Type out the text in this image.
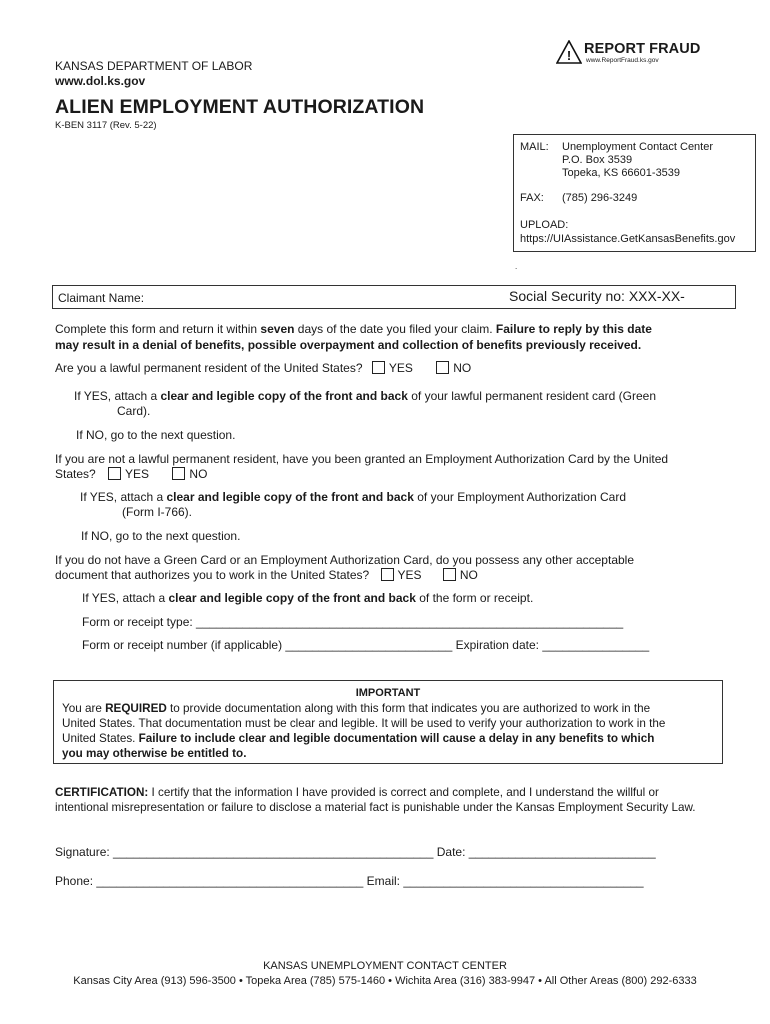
! REPORT FRAUD
www.ReportFraud.ks.gov
KANSAS DEPARTMENT OF LABOR
www.dol.ks.gov
ALIEN EMPLOYMENT AUTHORIZATION
K-BEN 3117 (Rev. 5-22)
MAIL: Unemployment Contact Center
P.O. Box 3539
Topeka, KS 66601-3539
FAX: (785) 296-3249
UPLOAD:
https://UIAssistance.GetKansasBenefits.gov
.
Claimant Name:	Social Security no: XXX-XX-
Complete this form and return it within seven days of the date you filed your claim. Failure to reply by this date
may result in a denial of benefits, possible overpayment and collection of benefits previously received.
Are you a lawful permanent resident of the United States? YES	NO
If YES, attach a clear and legible copy of the front and back of your lawful permanent resident card (Green
Card).
If NO, go to the next question.
If you are not a lawful permanent resident, have you been granted an Employment Authorization Card by the United
States? YES	NO
If YES, attach a clear and legible copy of the front and back of your Employment Authorization Card
(Form I-766).
If NO, go to the next question.
If you do not have a Green Card or an Employment Authorization Card, do you possess any other acceptable
document that authorizes you to work in the United States? YES	NO
If YES, attach a clear and legible copy of the front and back of the form or receipt.
Form or receipt type: ________________________________________________________________
Form or receipt number (if applicable) _________________________ Expiration date: ________________
IMPORTANT
You are REQUIRED to provide documentation along with this form that indicates you are authorized to work in the
United States. That documentation must be clear and legible. It will be used to verify your authorization to work in the
United States. Failure to include clear and legible documentation will cause a delay in any benefits to which
you may otherwise be entitled to.
CERTIFICATION: I certify that the information I have provided is correct and complete, and I understand the willful or intentional misrepresentation or failure to disclose a material fact is punishable under the Kansas Employment Security Law.
Signature: ________________________________________________ Date: ____________________________
Phone: ________________________________________ Email: ____________________________________
KANSAS UNEMPLOYMENT CONTACT CENTER
Kansas City Area (913) 596-3500 • Topeka Area (785) 575-1460 • Wichita Area (316) 383-9947 • All Other Areas (800) 292-6333
